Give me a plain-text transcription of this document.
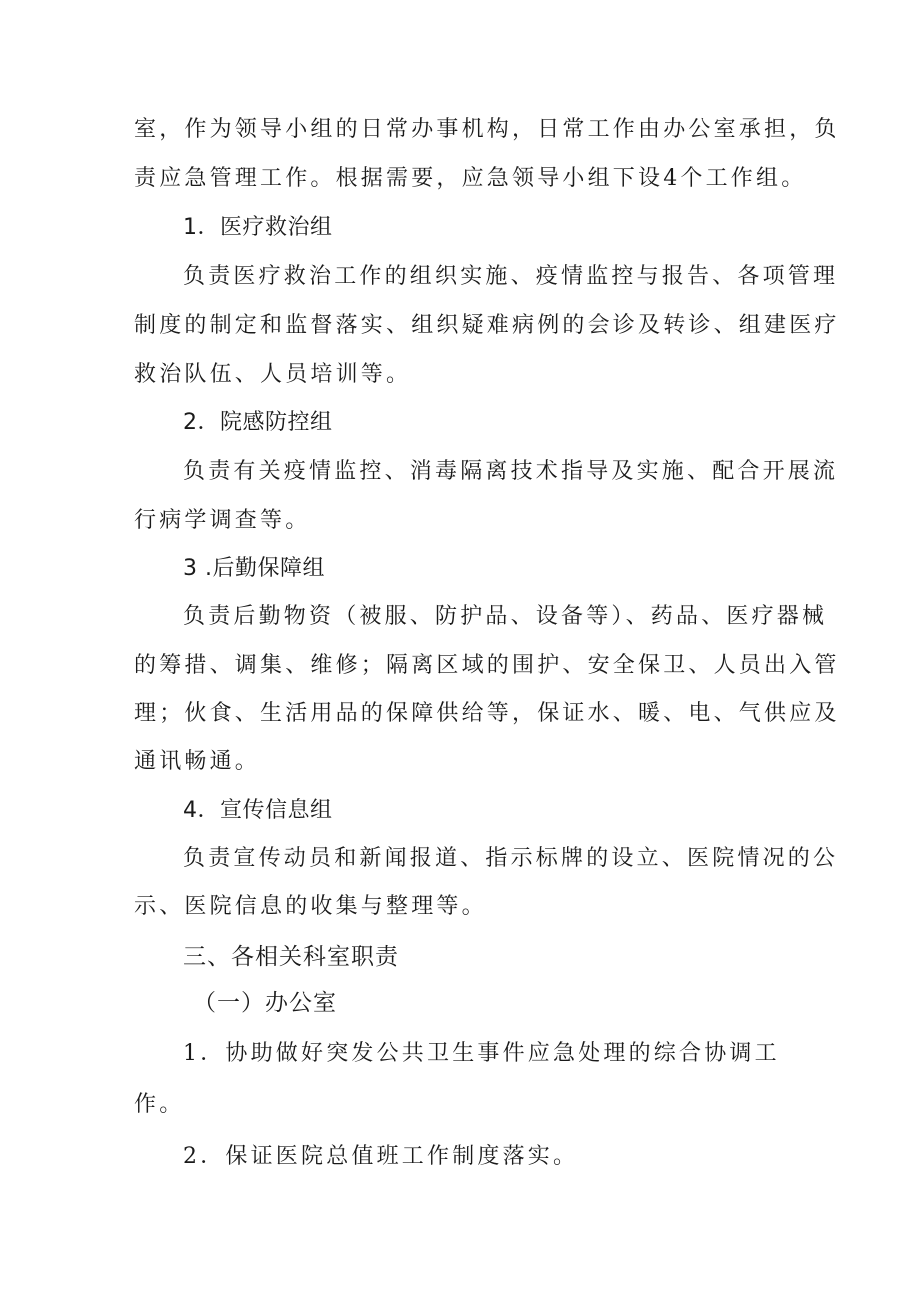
室，作为领导小组的日常办事机构，日常工作由办公室承担，负
责应急管理工作。根据需要，应急领导小组下设4个工作组。
1．医疗救治组
负责医疗救治工作的组织实施、疫情监控与报告、各项管理
制度的制定和监督落实、组织疑难病例的会诊及转诊、组建医疗
救治队伍、人员培训等。
2．院感防控组
负责有关疫情监控、消毒隔离技术指导及实施、配合开展流
行病学调查等。
3 .后勤保障组
负责后勤物资（被服、防护品、设备等）、药品、医疗器械
的筹措、调集、维修；隔离区域的围护、安全保卫、人员出入管
理；伙食、生活用品的保障供给等，保证水、暖、电、气供应及
通讯畅通。
4．宣传信息组
负责宣传动员和新闻报道、指示标牌的设立、医院情况的公
示、医院信息的收集与整理等。
三、各相关科室职责
（一）办公室
1．协助做好突发公共卫生事件应急处理的综合协调工
作。
2．保证医院总值班工作制度落实。
